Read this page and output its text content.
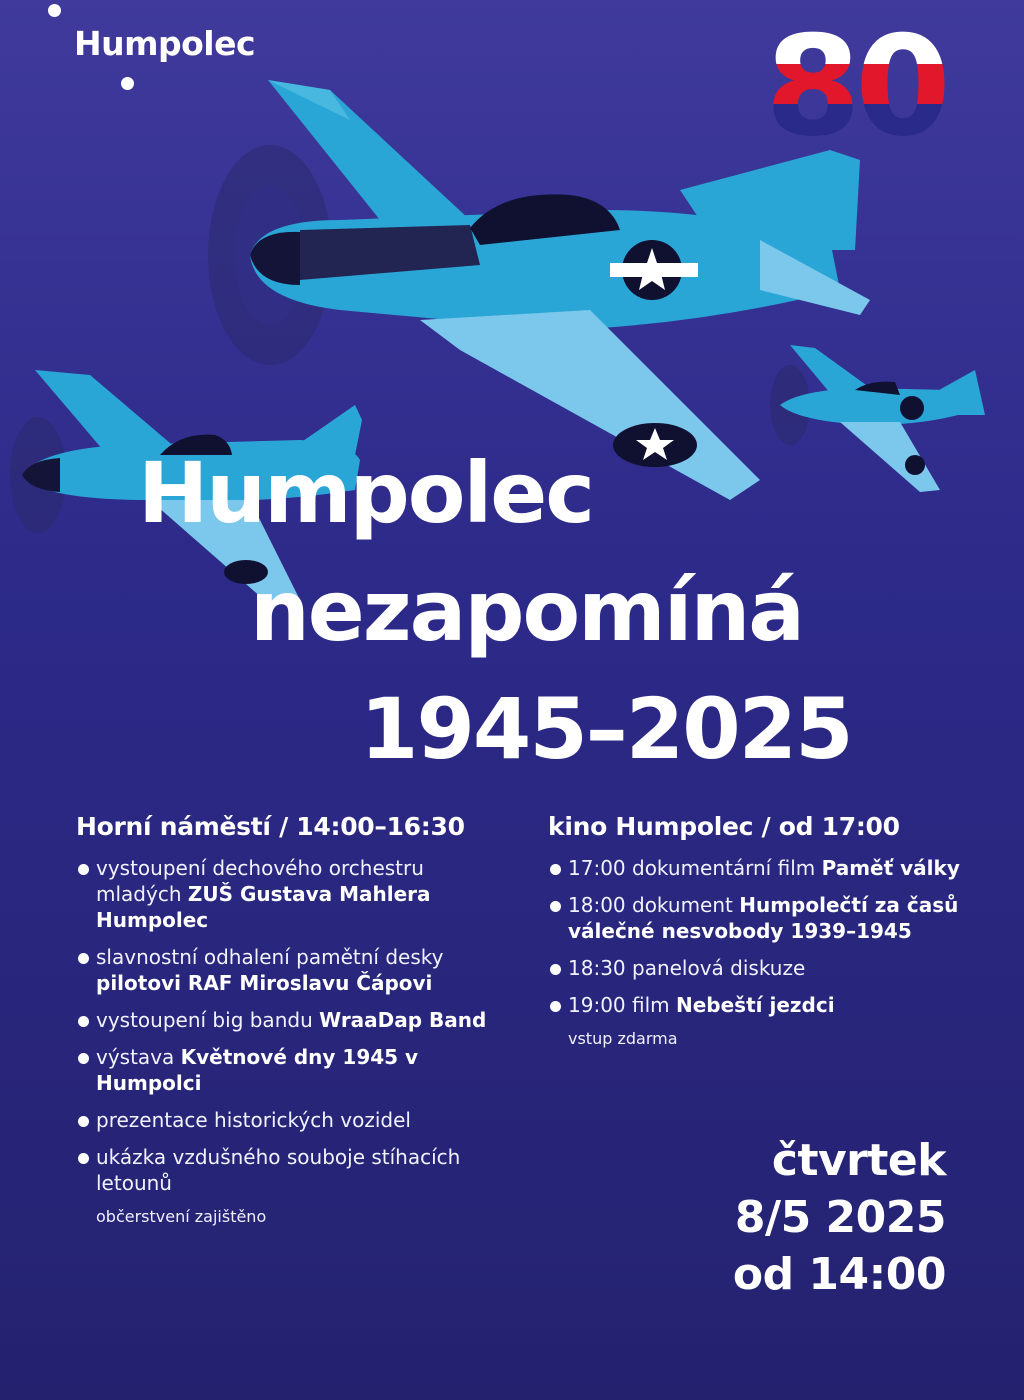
Humpolec
Humpolec
nezapomíná
1945–2025
Horní náměstí / 14:00–16:30
vystoupení dechového orchestru mladých ZUŠ Gustava Mahlera Humpolec
slavnostní odhalení pamětní desky pilotovi RAF Miroslavu Čápovi
vystoupení big bandu WraaDap Band
výstava Květnové dny 1945 v Humpolci
prezentace historických vozidel
ukázka vzdušného souboje stíhacích letounů
občerstvení zajištěno
kino Humpolec / od 17:00
17:00 dokumentární film Paměť války
18:00 dokument Humpolečtí za časů válečné nesvobody 1939–1945
18:30 panelová diskuze
19:00 film Nebeští jezdci
vstup zdarma
čtvrtek
8/5 2025
od 14:00
